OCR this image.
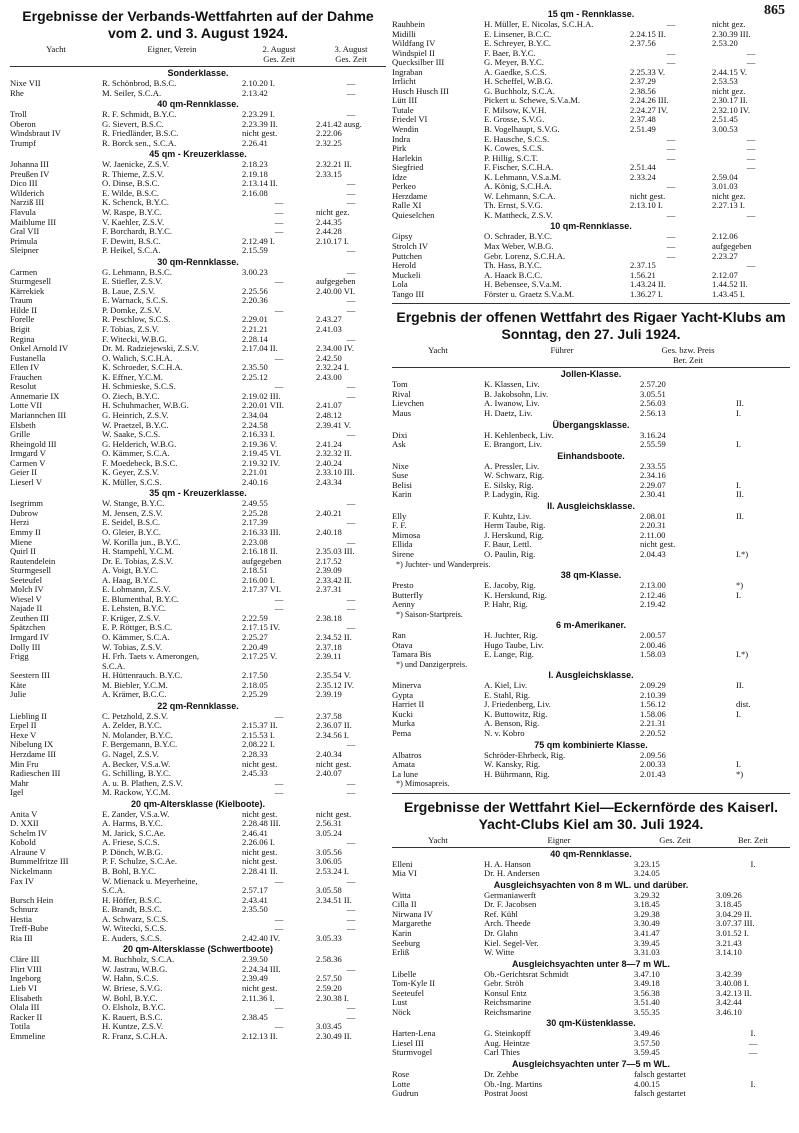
865
Ergebnisse der Verbands-Wettfahrten auf der Dahme vom 2. und 3. August 1924.
Yacht	Eigner, Verein	2. August
Ges. Zeit
3. August
Ges. Zeit
Sonderklasse.
Nixe VII	R. Schönbrod, B.S.C.	2.10.20 I.	—
Rhe	M. Seiler, S.C.A.	2.13.42	—
40 qm-Rennklasse.
Troll	R. F. Schmidt, B.Y.C.	2.23.29 I.	—
Oberon	G. Sievert, B.S.C.	2.23.39 II.	2.41.42 ausg.
Windsbraut IV	R. Friedländer, B.S.C.	nicht gest.	2.22.06
Trumpf	R. Borck sen., S.C.A.	2.26.41	2.32.25
45 qm - Kreuzerklasse.
Johanna III	W. Jaenicke, Z.S.V.	2.18.23	2.32.21 II.
Preußen IV	R. Thieme, Z.S.V.	2.19.18	2.33.15
Dico III	O. Dinse, B.S.C.	2.13.14 II.	—
Wilderich	E. Wilde, B.S.C.	2.16.08	—
Narziß III	K. Schenck, B.Y.C.	—	—
Flavula	W. Raspe, B.Y.C.	—	nicht gez.
Maiblume III	V. Kaehler, Z.S.V.	—	2.44.35
Gral VII	F. Borchardt, B.Y.C.	—	2.44.28
Primula	F. Dewitt, B.S.C.	2.12.49 I.	2.10.17 I.
Sleipner	P. Heikel, S.C.A.	2.15.59	—
30 qm-Rennklasse.
Carmen	G. Lehmann, B.S.C.	3.00.23	—
Sturmgesell	E. Stiefler, Z.S.V.	—	aufgegeben
Kärrekiek	B. Laue, Z.S.V.	2.25.56	2.40.00 VI.
Traum	E. Warnack, S.C.S.	2.20.36	—
Hilde II	P. Domke, Z.S.V.	—	—
Forelle	R. Peschlow, S.C.S.	2.29.01	2.43.27
Brigit	F. Tobias, Z.S.V.	2.21.21	2.41.03
Regina	F. Witecki, W.B.G.	2.28.14	—
Onkel Arnold IV	Dr. M. Radziejewski, Z.S.V.	2.17.04 II.	2.34.00 IV.
Fustanella	O. Walich, S.C.H.A.	—	2.42.50
Ellen IV	K. Schroeder, S.C.H.A.	2.35.50	2.32.24 I.
Frauchen	K. Effner, Y.C.M.	2.25.12	2.43.00
Resolut	H. Schmieske, S.C.S.	—	—
Annemarie IX	O. Ziech, B.Y.C.	2.19.02 III.	—
Lotte VII	H. Schuhmacher, W.B.G.	2.20.01 VII.	2.41.07
Mariannchen III	G. Heinrich, Z.S.V.	2.34.04	2.48.12
Elsbeth	W. Praetzel, B.Y.C.	2.24.58	2.39.41 V.
Grille	W. Saake, S.C.S.	2.16.33 I.	—
Rheingold III	G. Helderich, W.B.G.	2.19.36 V.	2.41.24
Irmgard V	O. Kämmer, S.C.A.	2.19.45 VI.	2.32.32 II.
Carmen V	F. Moedebeck, B.S.C.	2.19.32 IV.	2.40.24
Geier II	K. Geyer, Z.S.V.	2.21.01	2.33.10 III.
Lieserl V	K. Müller, S.C.S.	2.40.16	2.43.34
35 qm - Kreuzerklasse.
Isegrimm	W. Stange, B.Y.C.	2.49.55	—
Dubrow	M. Jensen, Z.S.V.	2.25.28	2.40.21
Herzi	E. Seidel, B.S.C.	2.17.39	—
Emmy II	O. Gleier, B.Y.C.	2.16.33 III.	2.40.18
Miene	W. Korilla jun., B.Y.C.	2.23.08	—
Quirl II	H. Stampehl, Y.C.M.	2.16.18 II.	2.35.03 III.
Rautendelein	Dr. E. Tobias, Z.S.V.	aufgegeben	2.17.52
Sturmgesell	A. Voigt, B.Y.C.	2.18.51	2.39.09
Seeteufel	A. Haag, B.Y.C.	2.16.00 I.	2.33.42 II.
Molch IV	E. Lohmann, Z.S.V.	2.17.37 VI.	2.37.31
Wiesel V	E. Blumenthal, B.Y.C.	—	—
Najade II	E. Lehsten, B.Y.C.	—	—
Zeuthen III	F. Krüger, Z.S.V.	2.22.59	2.38.18
Spätzchen	E. P. Röttger, B.S.C.	2.17.15 IV.	—
Irmgard IV	O. Kämmer, S.C.A.	2.25.27	2.34.52 II.
Dolly III	W. Tobias, Z.S.V.	2.20.49	2.37.18
Frigg	H. Frh. Taets v. Amerongen,	2.17.25 V.	2.39.11
S.C.A.
Seestern III	H. Hüttenrauch. B.Y.C.	2.17.50	2.35.54 V.
Käte	M. Biebler, Y.C.M.	2.18.05	2.35.12 IV.
Julie	A. Krämer, B.C.C.	2.25.29	2.39.19
22 qm-Rennklasse.
Liebling II	C. Petzhold, Z.S.V.	—	2.37.58
Erpel II	A. Zelder, B.Y.C.	2.15.37 II.	2.36.07 II.
Hexe V	N. Molander, B.Y.C.	2.15.53 I.	2.34.56 I.
Nibelung IX	F. Bergemann, B.Y.C.	2.08.22 I.	—
Herzdame III	G. Nagel, Z.S.V.	2.28.33	2.40.34
Min Fru	A. Becker, V.S.a.W.	nicht gest.	nicht gest.
Radieschen III	G. Schilling, B.Y.C.	2.45.33	2.40.07
Mahr	A. u. B. Plathen, Z.S.V.	—	—
Igel	M. Rackow, Y.C.M.	—	—
20 qm-Altersklasse (Kielboote).
Anita V	E. Zander, V.S.a.W.	nicht gest.	nicht gest.
D. XXII	A. Harms, B.Y.C.	2.28.48 III.	2.56.31
Schelm IV	M. Jarick, S.C.Ae.	2.46.41	3.05.24
Kobold	A. Friese, S.C.S.	2.26.06 I.	—
Alraune V	P. Dönch, W.B.G.	nicht gest.	3.05.56
Bummelfritze III	P. F. Schulze, S.C.Ae.	nicht gest.	3.06.05
Nickelmann	B. Bohl, B.Y.C.	2.28.41 II.	2.53.24 I.
Fax IV	W. Mienack u. Meyerheine,	—	—
S.C.A.	2.57.17	3.05.58
Bursch Hein	H. Höffer, B.S.C.	2.43.41	2.34.51 II.
Schnurz	E. Brandt, B.S.C.	2.35.50	—
Hestia	A. Schwarz, S.C.S.	—	—
Treff-Bube	W. Witecki, S.C.S.	—	—
Ria III	E. Auders, S.C.S.	2.42.40 IV.	3.05.33
20 qm-Altersklasse (Schwertboote)
Cläre III	M. Buchholz, S.C.A.	2.39.50	2.58.36
Flirt VIII	W. Jastrau, W.B.G.	2.24.34 III.	—
Ingeborg	W. Hahn, S.C.S.	2.39.49	2.57.50
Lieb VI	W. Briese, S.V.G.	nicht gest.	2.59.20
Elisabeth	W. Bohl, B.Y.C.	2.11.36 I.	2.30.38 I.
Olala III	O. Elsholz, B.Y.C.	—	—
Racker II	K. Rauert, B.S.C.	2.38.45	—
Totila	H. Kuntze, Z.S.V.	—	3.03.45
Emmeline	R. Franz, S.C.H.A.	2.12.13 II.	2.30.49 II.
15 qm - Rennklasse.
Rauhbein	H. Müller, E. Nicolas, S.C.H.A.	—	nicht gez.
Midilli	E. Linsener, B.C.C.	2.24.15 II.	2.30.39 III.
Wildfang IV	E. Schreyer, B.Y.C.	2.37.56	2.53.20
Windspiel II	F. Baer, B.Y.C.	—	—
Quecksilber III	G. Meyer, B.Y.C.	—	—
Ingraban	A. Gaedke, S.C.S.	2.25.33 V.	2.44.15 V.
Irrlicht	H. Scheffel, W.B.G.	2.37.29	2.53.53
Husch Husch III	G. Buchholz, S.C.A.	2.38.56	nicht gez.
Lütt III	Pickert u. Schewe, S.V.a.M.	2.24.26 III.	2.30.17 II.
Tutale	F. Milsow, K.V.H.	2.24.27 IV.	2.32.10 IV.
Friedel VI	E. Grosse, S.V.G.	2.37.48	2.51.45
Wendin	B. Vogelhaupt, S.V.G.	2.51.49	3.00.53
Indra	E. Hausche, S.C.S.	—	—
Pirk	K. Cowes, S.C.S.	—	—
Harlekin	P. Hillig, S.C.T.	—	—
Siegfried	F. Fischer, S.C.H.A.	2.51.44	—
Idze	K. Lehmann, V.S.a.M.	2.33.24	2.59.04
Perkeo	A. König, S.C.H.A.	—	3.01.03
Herzdame	W. Lehmann, S.C.A.	nicht gest.	nicht gez.
Ralle XI	Th. Ernst, S.V.G.	2.13.10 I.	2.27.13 I.
Quieselchen	K. Mattheck, Z.S.V.	—	—
10 qm-Rennklasse.
Gipsy	O. Schrader, B.Y.C.	—	2.12.06
Strolch IV	Max Weber, W.B.G.	—	aufgegeben
Puttchen	Gebr. Lorenz, S.C.H.A.	—	2.23.27
Herold	Th. Hass, B.Y.C.	2.37.15	—
Muckeli	A. Haack B.C.C.	1.56.21	2.12.07
Lola	H. Bebensee, S.V.a.M.	1.43.24 II.	1.44.52 II.
Tango III	Förster u. Graetz S.V.a.M.	1.36.27 I.	1.43.45 I.
Ergebnis der offenen Wettfahrt des Rigaer Yacht-Klubs am Sonntag, den 27. Juli 1924.
Yacht	Führer	Ges. bzw. Preis
Ber. Zeit
Jollen-Klasse.
Tom	K. Klassen, Liv.	2.57.20
Rival	B. Jakobsohn, Liv.	3.05.51
Lievchen	A. Iwanow, Liv.	2.56.03	II.
Maus	H. Daetz, Liv.	2.56.13	I.
Übergangsklasse.
Dixi	H. Kehlenbeck, Liv.	3.16.24
Ask	E. Brangort, Liv.	2.55.59	I.
Einhandsboote.
Nixe	A. Pressler, Liv.	2.33.55
Suse	W. Schwarz, Rig.	2.34.16
Belisi	E. Silsky, Rig.	2.29.07	I.
Karin	P. Ladygin, Rig.	2.30.41	II.
II. Ausgleichsklasse.
Elly	F. Kuhtz, Liv.	2.08.01	II.
F. F.	Herm Taube, Rig.	2.20.31
Mimosa	J. Herskund, Rig.	2.11.00
Ellida	F. Baur, Lettl.	nicht gest.
Sirene	O. Paulin, Rig.	2.04.43	I.*)
*) Juchter- und Wanderpreis.
38 qm-Klasse.
Presto	E. Jacoby, Rig.	2.13.00	*)
Butterfly	K. Herskund, Rig.	2.12.46	I.
Aenny	P. Hahr, Rig.	2.19.42
*) Saison-Startpreis.
6 m-Amerikaner.
Ran	H. Juchter, Rig.	2.00.57
Otava	Hugo Taube, Liv.	2.00.46
Tamara Bis	E. Lange, Rig.	1.58.03	I.*)
*) und Danzigerpreis.
I. Ausgleichsklasse.
Minerva	A. Kiel, Liv.	2.09.29	II.
Gypta	E. Stahl, Rig.	2.10.39
Harriet II	J. Friedenberg, Liv.	1.56.12	dist.
Kucki	K. Buttowitz, Rig.	1.58.06	I.
Murka	A. Benson, Rig.	2.21.31
Pema	N. v. Kobro	2.20.52
75 qm kombinierte Klasse.
Albatros	Schröder-Ehrbeck, Rig.	2.09.56
Amata	W. Kansky, Rig.	2.00.33	I.
La lune	H. Bührmann, Rig.	2.01.43	*)
*) Mimosapreis.
Ergebnisse der Wettfahrt Kiel—Eckernförde des Kaiserl. Yacht-Clubs Kiel am 30. Juli 1924.
Yacht	Eigner	Ges. Zeit	Ber. Zeit
40 qm-Rennklasse.
Elleni	H. A. Hanson	3.23.15	I.
Mia VI	Dr. H. Andersen	3.24.05
Ausgleichsyachten von 8 m WL. und darüber.
Witta	Germaniawerft	3.29.32	3.09.26
Cilla II	Dr. F. Jacobsen	3.18.45	3.18.45
Nirwana IV	Ref. Kühl	3.29.38	3.04.29 II.
Margarethe	Arch. Theede	3.30.49	3.07.37 III.
Karin	Dr. Glahn	3.41.47	3.01.52 I.
Seeburg	Kiel. Segel-Ver.	3.39.45	3.21.43
Erliß	W. Witte	3.31.03	3.14.10
Ausgleichsyachten unter 8—7 m WL.
Libelle	Ob.-Gerichtsrat Schmidt	3.47.10	3.42.39
Tom-Kyle II	Gebr. Ströh	3.49.18	3.40.08 I.
Seeteufel	Konsul Entz	3.56.38	3.42.13 II.
Lust	Reichsmarine	3.51.40	3.42.44
Nöck	Reichsmarine	3.55.35	3.46.10
30 qm-Küstenklasse.
Harten-Lena	G. Steinkopff	3.49.46	I.
Liesel III	Aug. Heintze	3.57.50	—
Sturmvogel	Carl Thies	3.59.45	—
Ausgleichsyachten unter 7—5 m WL.
Rose	Dr. Zehbe	falsch gestartet
Lotte	Ob.-Ing. Martins	4.00.15	I.
Gudrun	Postrat Joost	falsch gestartet
